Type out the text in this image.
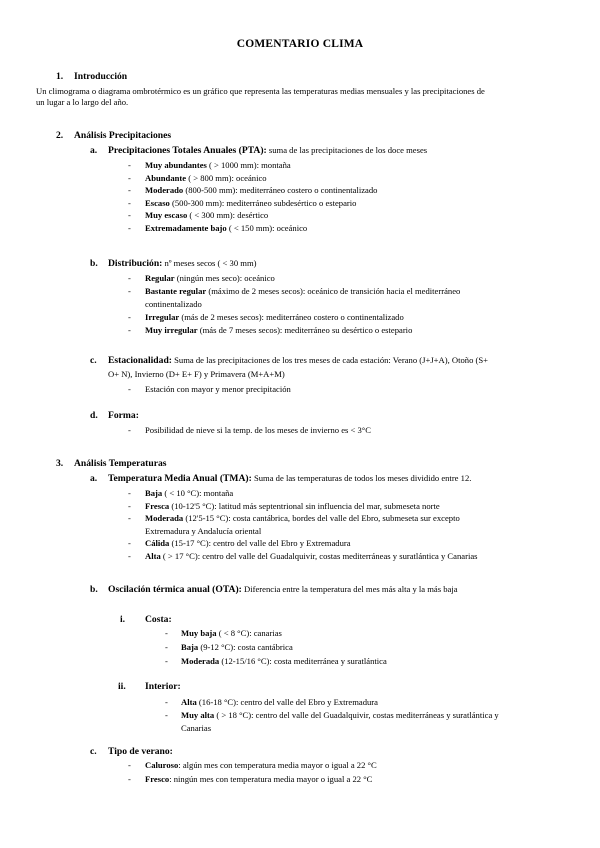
COMENTARIO CLIMA
1. Introducción
Un climograma o diagrama ombrotérmico es un gráfico que representa las temperaturas medias mensuales y las precipitaciones de
un lugar a lo largo del año.
2. Análisis Precipitaciones
a. Precipitaciones Totales Anuales (PTA): suma de las precipitaciones de los doce meses
- Muy abundantes ( > 1000 mm): montaña
- Abundante ( > 800 mm): oceánico
- Moderado (800-500 mm): mediterráneo costero o continentalizado
- Escaso (500-300 mm): mediterráneo subdesértico o estepario
- Muy escaso ( < 300 mm): desértico
- Extremadamente bajo ( < 150 mm): oceánico
b. Distribución: nº meses secos ( < 30 mm)
- Regular (ningún mes seco): oceánico
- Bastante regular (máximo de 2 meses secos): oceánico de transición hacia el mediterráneo
continentalizado
- Irregular (más de 2 meses secos): mediterráneo costero o continentalizado
- Muy irregular (más de 7 meses secos): mediterráneo su desértico o estepario
c. Estacionalidad: Suma de las precipitaciones de los tres meses de cada estación: Verano (J+J+A), Otoño (S+
O+ N), Invierno (D+ E+ F) y Primavera (M+A+M)
- Estación con mayor y menor precipitación
d. Forma:
- Posibilidad de nieve si la temp. de los meses de invierno es < 3°C
3. Análisis Temperaturas
a. Temperatura Media Anual (TMA): Suma de las temperaturas de todos los meses dividido entre 12.
- Baja ( < 10 °C): montaña
- Fresca (10-12'5 °C): latitud más septentrional sin influencia del mar, submeseta norte
- Moderada (12'5-15 °C): costa cantábrica, bordes del valle del Ebro, submeseta sur excepto
Extremadura y Andalucía oriental
- Cálida (15-17 °C): centro del valle del Ebro y Extremadura
- Alta ( > 17 °C): centro del valle del Guadalquivir, costas mediterráneas y suratlántica y Canarias
b. Oscilación térmica anual (OTA): Diferencia entre la temperatura del mes más alta y la más baja
i. Costa:
- Muy baja ( < 8 °C): canarias
- Baja (9-12 °C): costa cantábrica
- Moderada (12-15/16 °C): costa mediterránea y suratlántica
ii. Interior:
- Alta (16-18 °C): centro del valle del Ebro y Extremadura
- Muy alta ( > 18 °C): centro del valle del Guadalquivir, costas mediterráneas y suratlántica y
Canarias
c. Tipo de verano:
- Caluroso: algún mes con temperatura media mayor o igual a 22 °C
- Fresco: ningún mes con temperatura media mayor o igual a 22 °C
